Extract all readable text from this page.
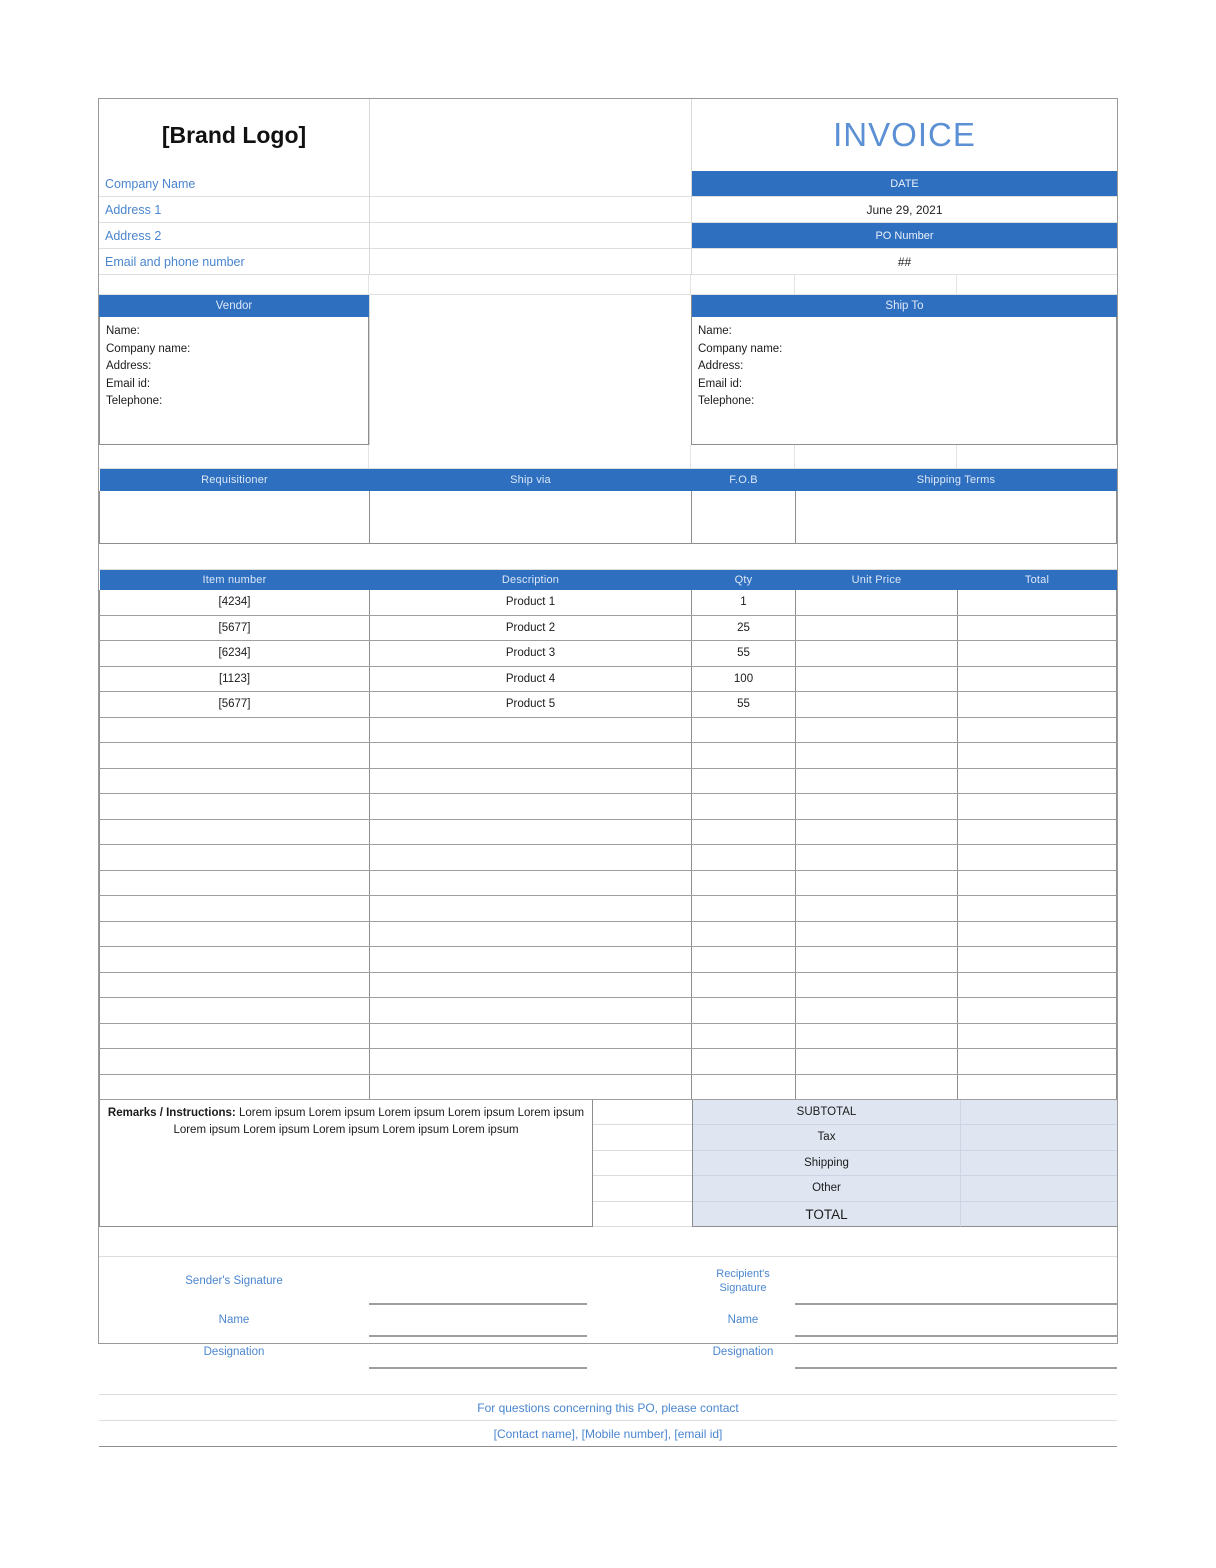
[Brand Logo]	INVOICE
Company Name
Address 1
Address 2
Email and phone number

DATE
June 29, 2021
PO Number
##
Vendor
Name:
Company name:
Address:
Email id:
Telephone:
Ship To
Name:
Company name:
Address:
Email id:
Telephone:
Requisitioner	Ship via	F.O.B	Shipping Terms

Item number	Description	Qty	Unit Price	Total
[4234]	Product 1	1		
[5677]	Product 2	25		
[6234]	Product 3	55		
[1123]	Product 4	100		
[5677]	Product 5	55		

Remarks / Instructions: Lorem ipsum Lorem ipsum Lorem ipsum Lorem ipsum Lorem ipsum Lorem ipsum Lorem ipsum Lorem ipsum Lorem ipsum Lorem ipsum
SUBTOTAL
Tax
Shipping
Other
TOTAL
Sender's Signature			Recipient's Signature	
Name			Name	
Designation			Designation	
For questions concerning this PO, please contact
[Contact name], [Mobile number], [email id]
